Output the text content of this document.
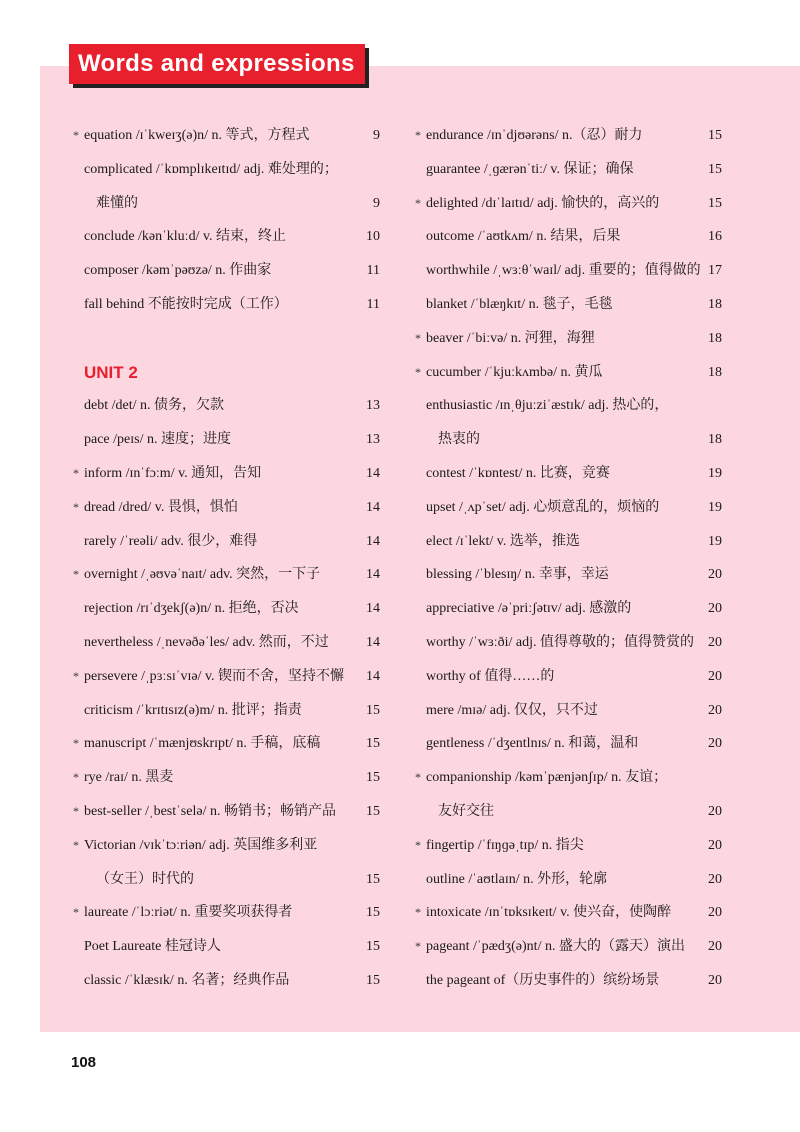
Words and expressions
* equation /ɪˈkweɪʒ(ə)n/ n. 等式，方程式	9
complicated /ˈkɒmplɪkeɪtɪd/ adj. 难处理的；
难懂的	9
conclude /kənˈkluːd/ v. 结束，终止	10
composer /kəmˈpəʊzə/ n. 作曲家	11
fall behind 不能按时完成（工作）	11
UNIT 2
debt /det/ n. 债务，欠款	13
pace /peɪs/ n. 速度；进度	13
* inform /ɪnˈfɔːm/ v. 通知，告知	14
* dread /dred/ v. 畏惧，惧怕	14
rarely /ˈreəli/ adv. 很少，难得	14
* overnight /ˌəʊvəˈnaɪt/ adv. 突然，一下子	14
rejection /rɪˈdʒekʃ(ə)n/ n. 拒绝，否决	14
nevertheless /ˌnevəðəˈles/ adv. 然而，不过	14
* persevere /ˌpɜːsɪˈvɪə/ v. 锲而不舍，坚持不懈 14
criticism /ˈkrɪtɪsɪz(ə)m/ n. 批评；指责	15
* manuscript /ˈmænjʊskrɪpt/ n. 手稿，底稿	15
* rye /raɪ/ n. 黑麦	15
* best-seller /ˌbestˈselə/ n. 畅销书；畅销产品 15
* Victorian /vɪkˈtɔːriən/ adj. 英国维多利亚
（女王）时代的	15
* laureate /ˈlɔːriət/ n. 重要奖项获得者	15
Poet Laureate 桂冠诗人	15
classic /ˈklæsɪk/ n. 名著；经典作品	15
* endurance /ɪnˈdjʊərəns/ n.（忍）耐力	15
guarantee /ˌɡærənˈtiː/ v. 保证；确保	15
* delighted /dɪˈlaɪtɪd/ adj. 愉快的，高兴的	15
outcome /ˈaʊtkʌm/ n. 结果，后果	16
worthwhile /ˌwɜːθˈwaɪl/ adj. 重要的；值得做的 17
blanket /ˈblæŋkɪt/ n. 毯子，毛毯	18
* beaver /ˈbiːvə/ n. 河狸，海狸	18
* cucumber /ˈkjuːkʌmbə/ n. 黄瓜	18
enthusiastic /ɪnˌθjuːziˈæstɪk/ adj. 热心的，
热衷的	18
contest /ˈkɒntest/ n. 比赛，竞赛	19
upset /ˌʌpˈset/ adj. 心烦意乱的，烦恼的	19
elect /ɪˈlekt/ v. 选举，推选	19
blessing /ˈblesɪŋ/ n. 幸事，幸运	20
appreciative /əˈpriːʃətɪv/ adj. 感激的	20
worthy /ˈwɜːði/ adj. 值得尊敬的；值得赞赏的 20
worthy of 值得……的	20
mere /mɪə/ adj. 仅仅，只不过	20
gentleness /ˈdʒentlnɪs/ n. 和蔼，温和	20
* companionship /kəmˈpænjənʃɪp/ n. 友谊；
友好交往	20
* fingertip /ˈfɪŋɡəˌtɪp/ n. 指尖	20
outline /ˈaʊtlaɪn/ n. 外形，轮廓	20
* intoxicate /ɪnˈtɒksɪkeɪt/ v. 使兴奋，使陶醉	20
* pageant /ˈpædʒ(ə)nt/ n. 盛大的（露天）演出 20
the pageant of（历史事件的）缤纷场景	20
108
